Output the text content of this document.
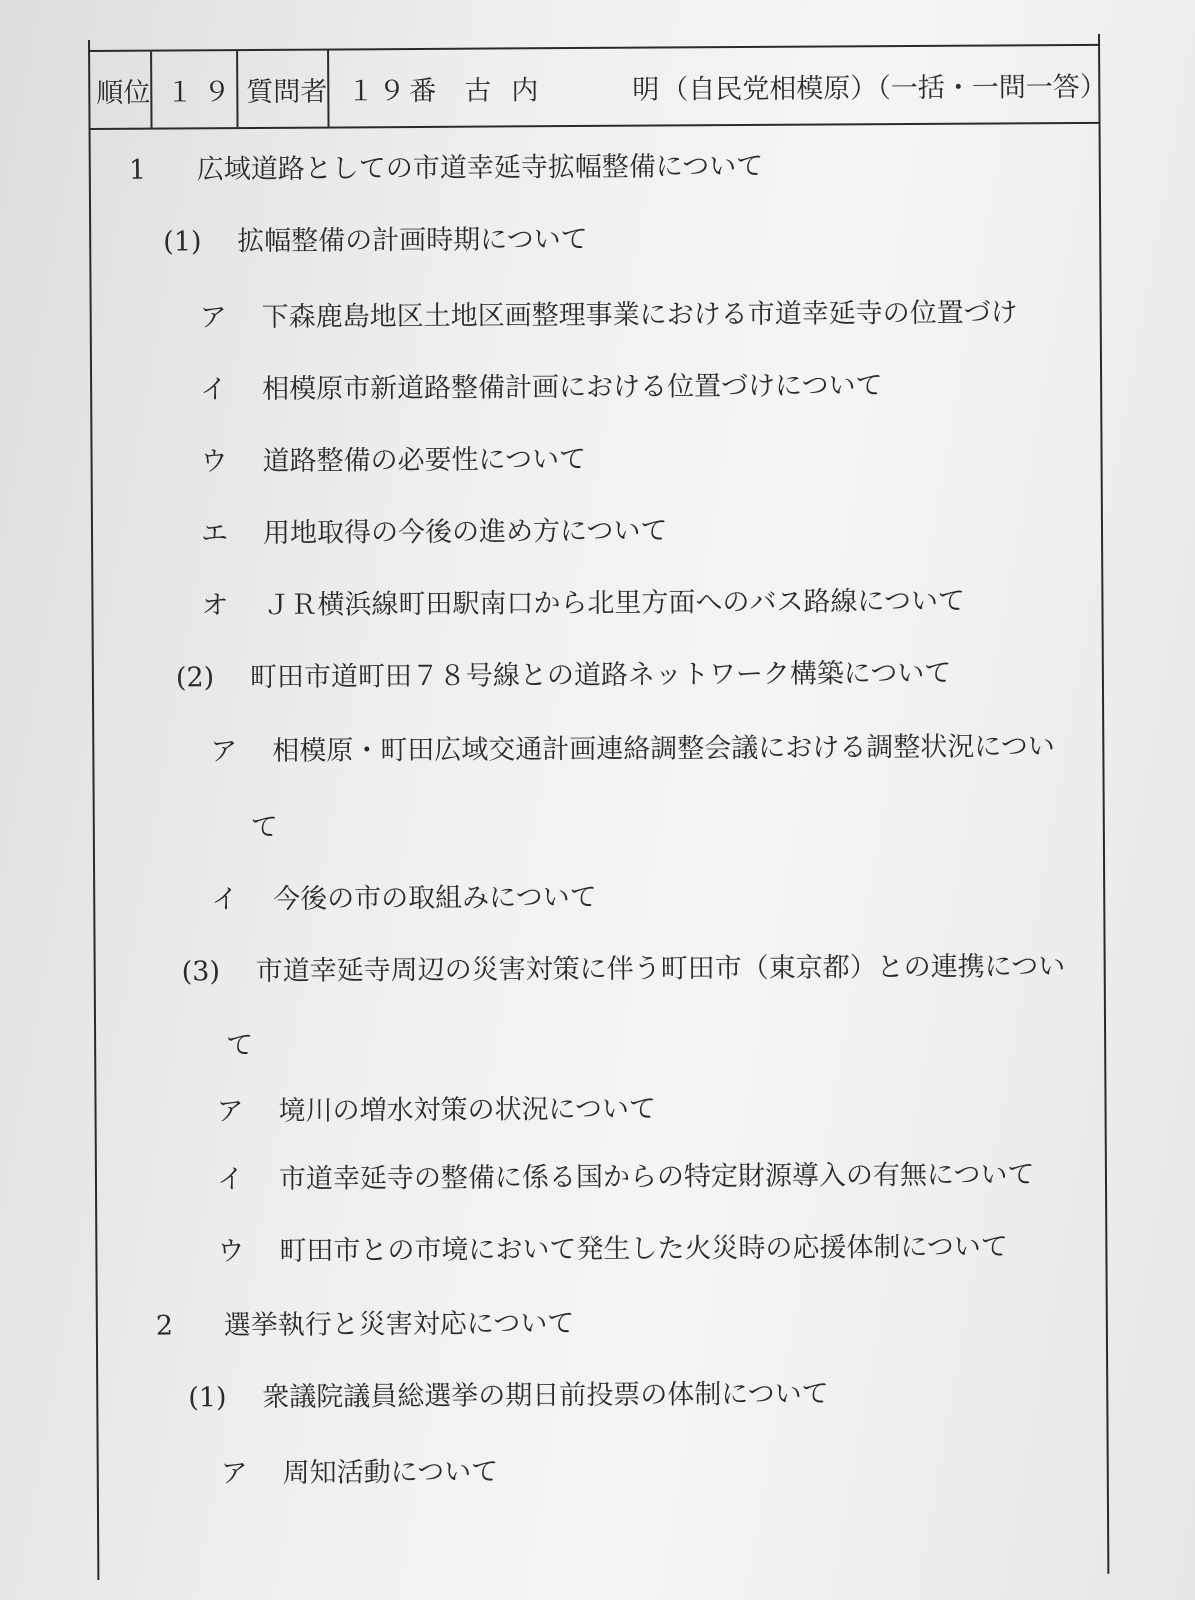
順位 １９ 質問者 １９番 古内	明 （自民党相模原）（一括・一問一答）
1 広域道路としての市道幸延寺拡幅整備について
(1) 拡幅整備の計画時期について
ア 下森鹿島地区土地区画整理事業における市道幸延寺の位置づけ
イ 相模原市新道路整備計画における位置づけについて
ウ 道路整備の必要性について
エ 用地取得の今後の進め方について
オ ＪＲ横浜線町田駅南口から北里方面へのバス路線について
(2) 町田市道町田７８号線との道路ネットワーク構築について
ア 相模原・町田広域交通計画連絡調整会議における調整状況につい
て
イ 今後の市の取組みについて
(3) 市道幸延寺周辺の災害対策に伴う町田市（東京都）との連携につい
て
ア 境川の増水対策の状況について
イ 市道幸延寺の整備に係る国からの特定財源導入の有無について
ウ 町田市との市境において発生した火災時の応援体制について
2 選挙執行と災害対応について
(1) 衆議院議員総選挙の期日前投票の体制について
ア 周知活動について
